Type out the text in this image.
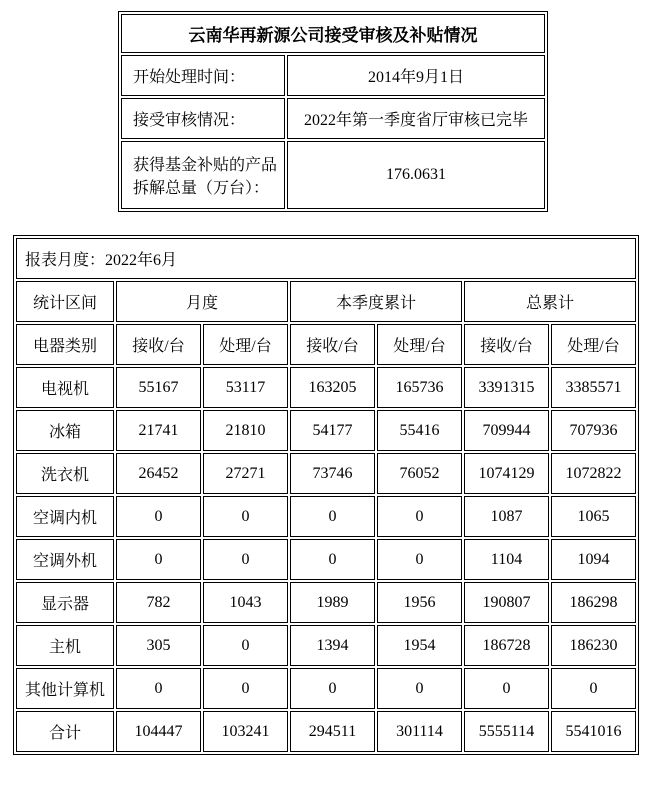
云南华再新源公司接受审核及补贴情况	
开始处理时间：	2014年9月1日
接受审核情况：	2022年第一季度省厅审核已完毕
获得基金补贴的产品拆解总量（万台）：	176.0631
报表月度：2022年6月						
统计区间	月度		本季度累计		总累计	
电器类别	接收/台	处理/台	接收/台	处理/台	接收/台	处理/台
电视机	55167	53117	163205	165736	3391315	3385571
冰箱	21741	21810	54177	55416	709944	707936
洗衣机	26452	27271	73746	76052	1074129	1072822
空调内机	0	0	0	0	1087	1065
空调外机	0	0	0	0	1104	1094
显示器	782	1043	1989	1956	190807	186298
主机	305	0	1394	1954	186728	186230
其他计算机	0	0	0	0	0	0
合计	104447	103241	294511	301114	5555114	5541016
